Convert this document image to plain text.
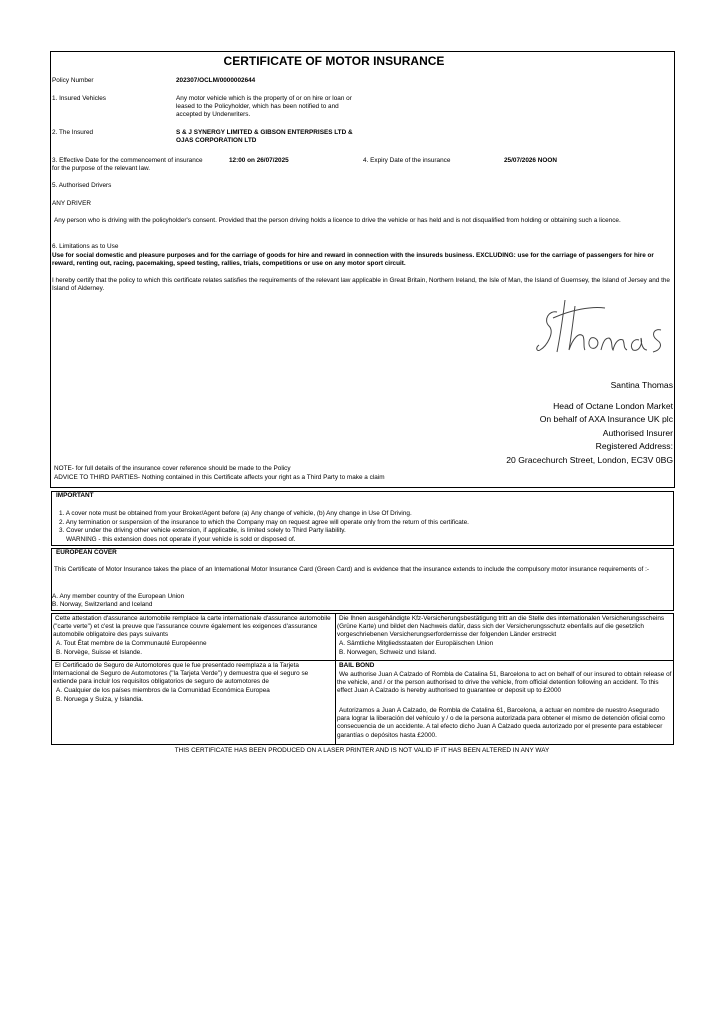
CERTIFICATE OF MOTOR INSURANCE
Policy Number	202307/OCLM/0000002644
1. Insured Vehicles	Any motor vehicle which is the property of or on hire or loan or leased to the Policyholder, which has been notified to and accepted by Underwriters.
2. The Insured	S & J SYNERGY LIMITED & GIBSON ENTERPRISES LTD & OJAS CORPORATION LTD
3. Effective Date for the commencement of insurance	12:00 on 26/07/2025
for the purpose of the relevant law.
4. Expiry Date of the insurance	25/07/2026 NOON
5. Authorised Drivers
ANY DRIVER
Any person who is driving with the policyholder's consent. Provided that the person driving holds a licence to drive the vehicle or has held and is not disqualified from holding or obtaining such a licence.
6. Limitations as to Use
Use for social domestic and pleasure purposes and for the carriage of goods for hire and reward in connection with the insureds business. EXCLUDING: use for the carriage of passengers for hire or reward, renting out, racing, pacemaking, speed testing, rallies, trials, competitions or use on any motor sport circuit.
I hereby certify that the policy to which this certificate relates satisfies the requirements of the relevant law applicable in Great Britain, Northern Ireland, the Isle of Man, the Island of Guernsey, the Island of Jersey and the Island of Alderney.
Santina Thomas
Head of Octane London Market
On behalf of AXA Insurance UK plc
Authorised Insurer
Registered Address:
20 Gracechurch Street, London, EC3V 0BG
NOTE- for full details of the insurance cover reference should be made to the Policy
ADVICE TO THIRD PARTIES- Nothing contained in this Certificate affects your right as a Third Party to make a claim
IMPORTANT
1. A cover note must be obtained from your Broker/Agent before (a) Any change of vehicle, (b) Any change in Use Of Driving.
2. Any termination or suspension of the insurance to which the Company may on request agree will operate only from the return of this certificate.
3. Cover under the driving other vehicle extension, if applicable, is limited solely to Third Party liability.
WARNING - this extension does not operate if your vehicle is sold or disposed of.
EUROPEAN COVER
This Certificate of Motor Insurance takes the place of an International Motor Insurance Card (Green Card) and is evidence that the insurance extends to include the compulsory motor insurance requirements of :-
A. Any member country of the European Union
B. Norway, Switzerland and Iceland
Cette attestation d'assurance automobile remplace la carte internationale d'assurance automobile ("carte verte") et c'est la preuve que l'assurance couvre également les exigences d'assurance automobile obligatoire des pays suivants
A. Tout État membre de la Communauté Européenne
B. Norvège, Suisse et Islande.
Die Ihnen ausgehändigte Kfz-Versicherungsbestätigung tritt an die Stelle des internationalen Versicherungsscheins (Grüne Karte) und bildet den Nachweis dafür, dass sich der Versicherungsschutz ebenfalls auf die gesetzlich vorgeschriebenen Versicherungserfordernisse der folgenden Länder erstreckt
A. Sämtliche Mitgliedsstaaten der Europäischen Union
B. Norwegen, Schweiz und Island.
El Certificado de Seguro de Automotores que le fue presentado reemplaza a la Tarjeta Internacional de Seguro de Automotores ("la Tarjeta Verde") y demuestra que el seguro se extiende para incluir los requisitos obligatorios de seguro de automotores de
A. Cualquier de los países miembros de la Comunidad Económica Europea
B. Noruega y Suiza, y Islandia.
BAIL BOND
We authorise Juan A Calzado of Rombla de Catalina 51, Barcelona to act on behalf of our insured to obtain release of the vehicle, and / or the person authorised to drive the vehicle, from official detention following an accident. To this effect Juan A Calzado is hereby authorised to guarantee or deposit up to £2000
Autorizamos a Juan A Calzado, de Rombla de Catalina 61, Barcelona, a actuar en nombre de nuestro Asegurado para lograr la liberación del vehículo y / o de la persona autorizada para obtener el mismo de detención oficial como consecuencia de un accidente. A tal efecto dicho Juan A Calzado queda autorizado por el presente para establecer garantías o depósitos hasta £2000.
THIS CERTIFICATE HAS BEEN PRODUCED ON A LASER PRINTER AND IS NOT VALID IF IT HAS BEEN ALTERED IN ANY WAY
